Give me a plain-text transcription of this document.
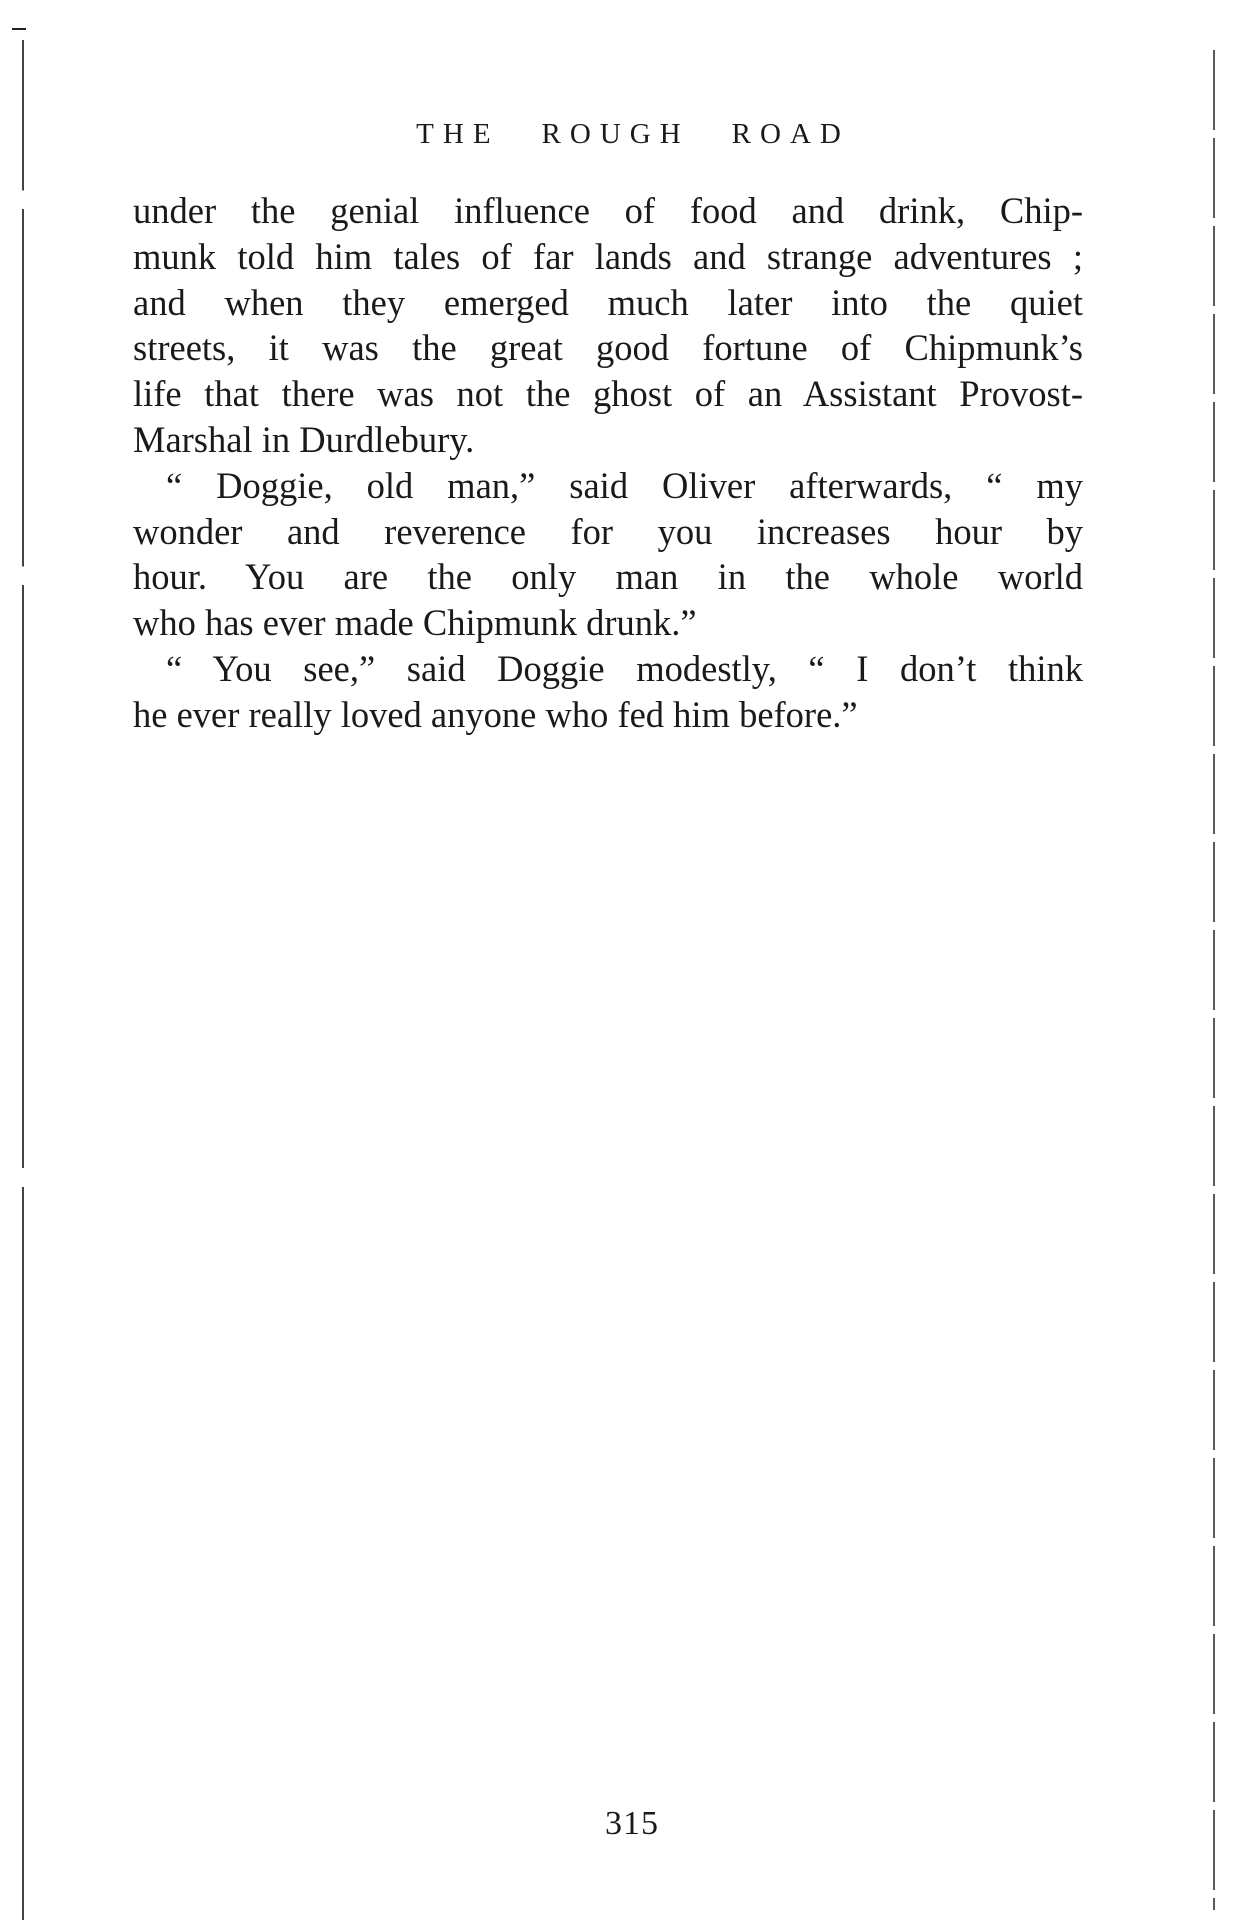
THE ROUGH ROAD
under the genial influence of food and drink, Chip-
munk told him tales of far lands and strange adventures ;
and when they emerged much later into the quiet
streets, it was the great good fortune of Chipmunk’s
life that there was not the ghost of an Assistant Provost-
Marshal in Durdlebury.
“ Doggie, old man,” said Oliver afterwards, “ my
wonder and reverence for you increases hour by
hour. You are the only man in the whole world
who has ever made Chipmunk drunk.”
“ You see,” said Doggie modestly, “ I don’t think
he ever really loved anyone who fed him before.”
315
